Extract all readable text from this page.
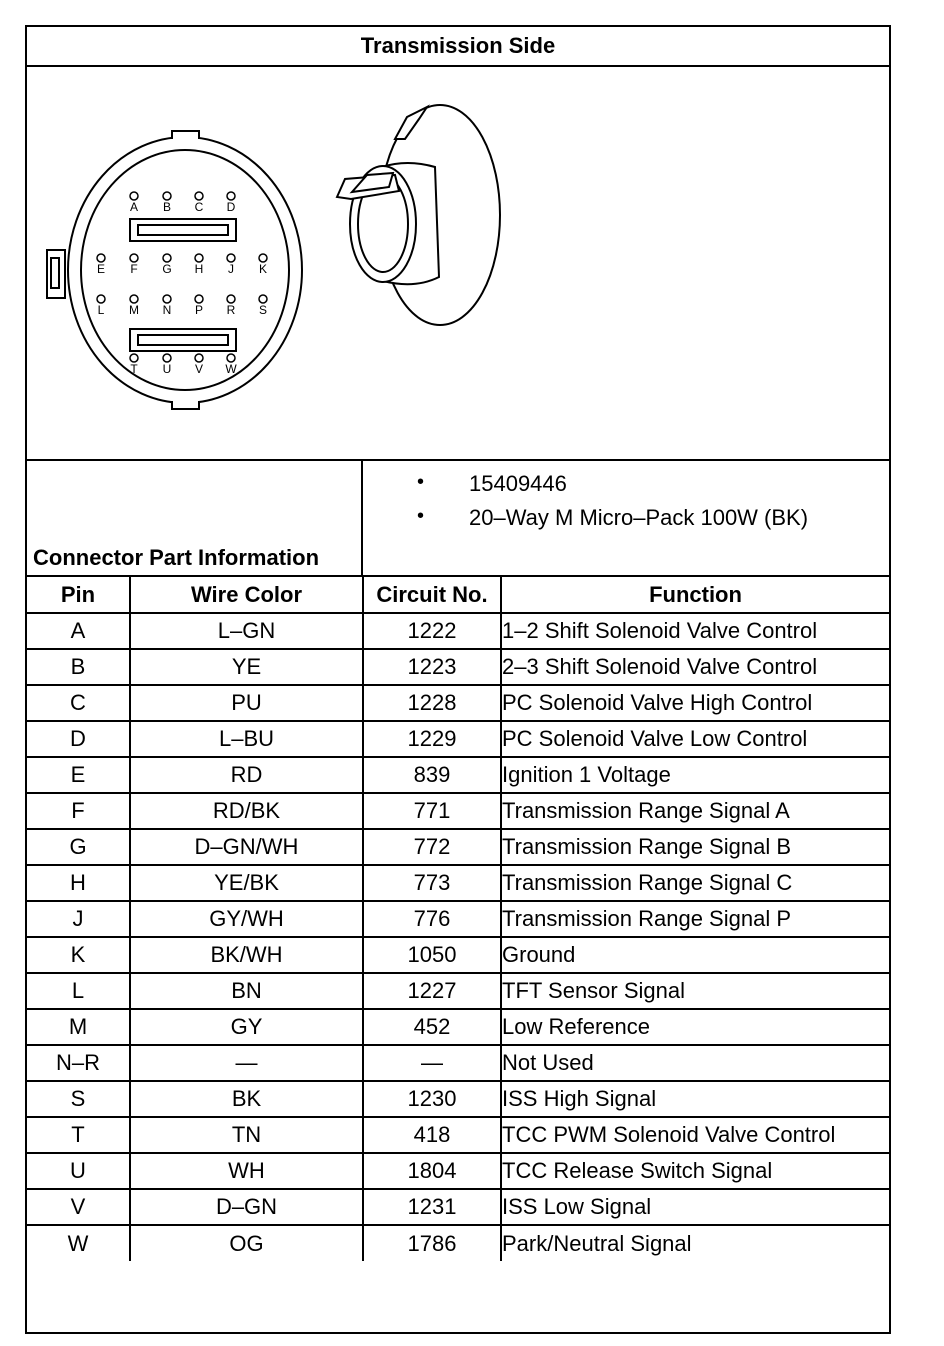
Transmission Side
A B C D
E F G H J K
L M N P R S
T U V W
Connector Part Information
• 15409446
• 20–Way M Micro–Pack 100W (BK)
Pin	Wire Color	Circuit No.	Function
A	L–GN	1222	1–2 Shift Solenoid Valve Control
B	YE	1223	2–3 Shift Solenoid Valve Control
C	PU	1228	PC Solenoid Valve High Control
D	L–BU	1229	PC Solenoid Valve Low Control
E	RD	839	Ignition 1 Voltage
F	RD/BK	771	Transmission Range Signal A
G	D–GN/WH	772	Transmission Range Signal B
H	YE/BK	773	Transmission Range Signal C
J	GY/WH	776	Transmission Range Signal P
K	BK/WH	1050	Ground
L	BN	1227	TFT Sensor Signal
M	GY	452	Low Reference
N–R	—	—	Not Used
S	BK	1230	ISS High Signal
T	TN	418	TCC PWM Solenoid Valve Control
U	WH	1804	TCC Release Switch Signal
V	D–GN	1231	ISS Low Signal
W	OG	1786	Park/Neutral Signal
